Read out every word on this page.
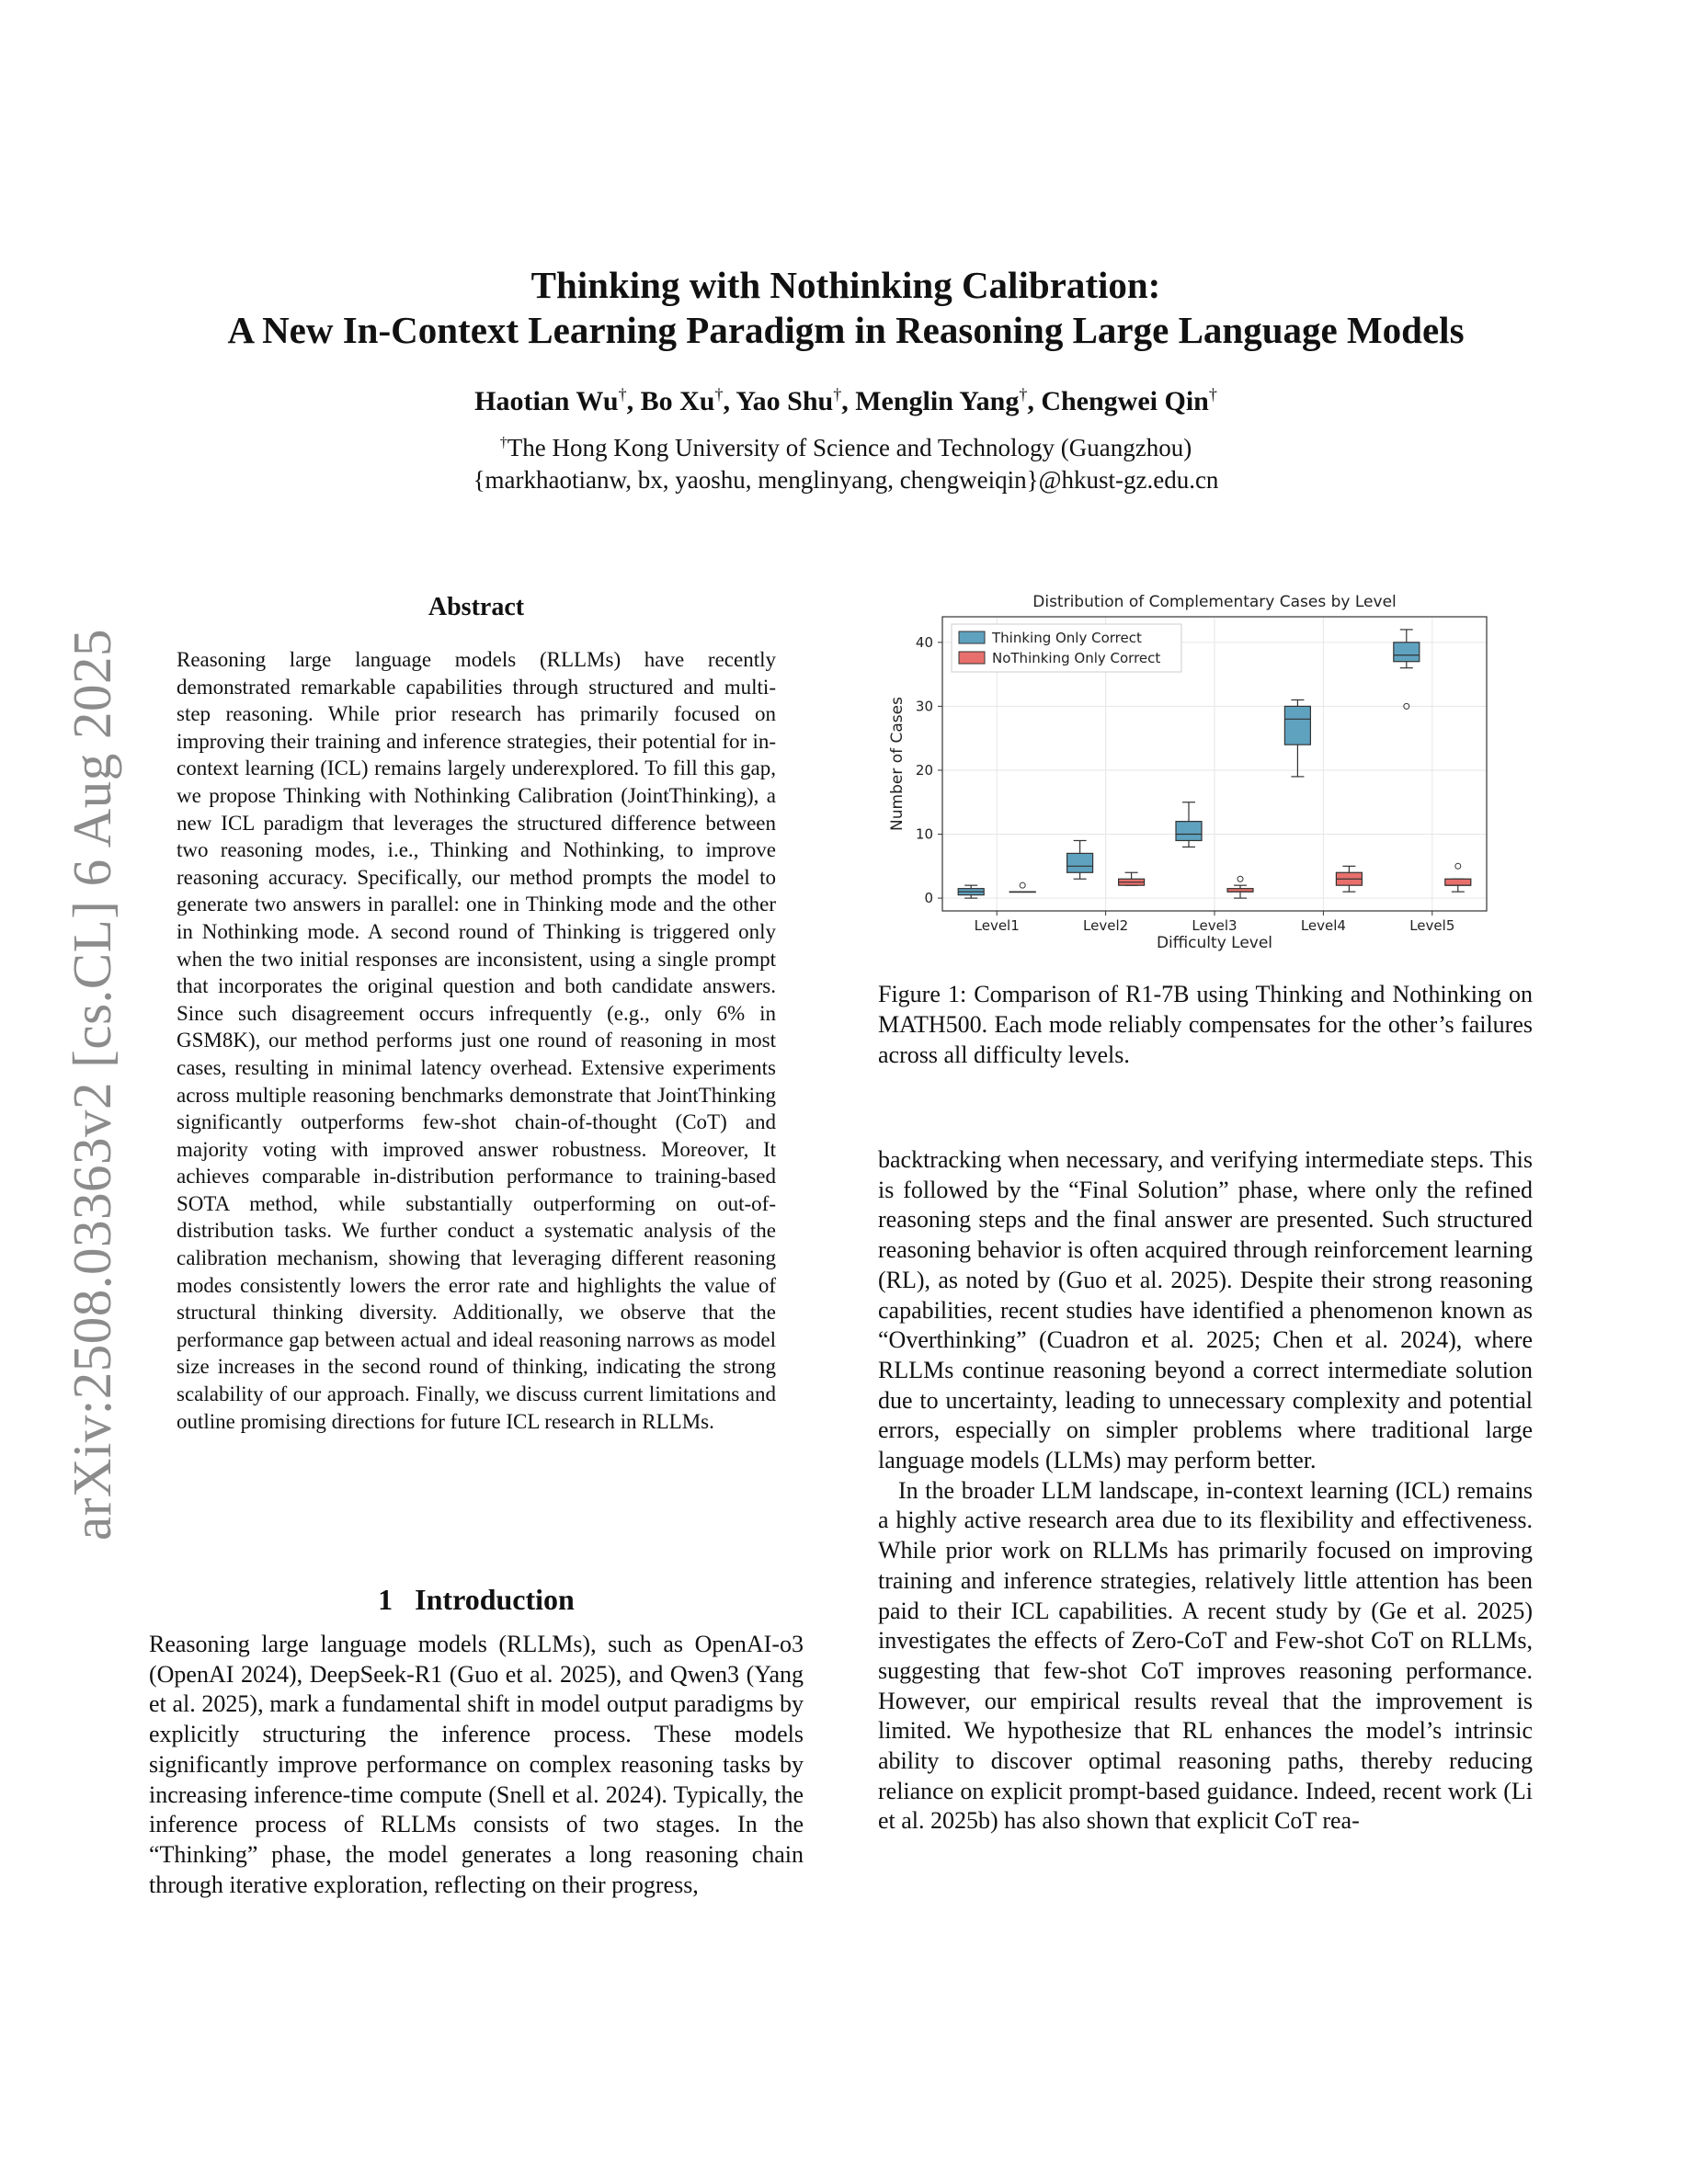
arXiv:2508.03363v2 [cs.CL] 6 Aug 2025
Thinking with Nothinking Calibration:
A New In-Context Learning Paradigm in Reasoning Large Language Models
Haotian Wu†, Bo Xu†, Yao Shu†, Menglin Yang†, Chengwei Qin†
†The Hong Kong University of Science and Technology (Guangzhou)
{markhaotianw, bx, yaoshu, menglinyang, chengweiqin}@hkust-gz.edu.cn
Abstract

Reasoning large language models (RLLMs) have recently demonstrated remarkable capabilities through structured and multi-step reasoning. While prior research has primarily focused on improving their training and inference strategies, their potential for in-context learning (ICL) remains largely underexplored. To fill this gap, we propose Thinking with Nothinking Calibration (JointThinking), a new ICL paradigm that leverages the structured difference between two reasoning modes, i.e., Thinking and Nothinking, to improve reasoning accuracy. Specifically, our method prompts the model to generate two answers in parallel: one in Thinking mode and the other in Nothinking mode. A second round of Thinking is triggered only when the two initial responses are inconsistent, using a single prompt that incorporates the original question and both candidate answers. Since such disagreement occurs infrequently (e.g., only 6% in GSM8K), our method performs just one round of reasoning in most cases, resulting in minimal latency overhead. Extensive experiments across multiple reasoning benchmarks demonstrate that JointThinking significantly outperforms few-shot chain-of-thought (CoT) and majority voting with improved answer robustness. Moreover, It achieves comparable in-distribution performance to training-based SOTA method, while substantially outperforming on out-of-distribution tasks. We further conduct a systematic analysis of the calibration mechanism, showing that leveraging different reasoning modes consistently lowers the error rate and highlights the value of structural thinking diversity. Additionally, we observe that the performance gap between actual and ideal reasoning narrows as model size increases in the second round of thinking, indicating the strong scalability of our approach. Finally, we discuss current limitations and outline promising directions for future ICL research in RLLMs.

1 Introduction

Reasoning large language models (RLLMs), such as OpenAI-o3 (OpenAI 2024), DeepSeek-R1 (Guo et al. 2025), and Qwen3 (Yang et al. 2025), mark a fundamental shift in model output paradigms by explicitly structuring the inference process. These models significantly improve performance on complex reasoning tasks by increasing inference-time compute (Snell et al. 2024). Typically, the inference process of RLLMs consists of two stages. In the “Thinking” phase, the model generates a long reasoning chain through iterative exploration, reflecting on their progress,

Distribution of Complementary Cases by Level
0
10
20
30
40
Level1	Level2	Level3	Level4	Level5
Difficulty Level
Number of Cases
Thinking Only Correct
NoThinking Only Correct
Figure 1: Comparison of R1-7B using Thinking and Nothinking on MATH500. Each mode reliably compensates for the other’s failures across all difficulty levels.

backtracking when necessary, and verifying intermediate steps. This is followed by the “Final Solution” phase, where only the refined reasoning steps and the final answer are presented. Such structured reasoning behavior is often acquired through reinforcement learning (RL), as noted by (Guo et al. 2025). Despite their strong reasoning capabilities, recent studies have identified a phenomenon known as “Overthinking” (Cuadron et al. 2025; Chen et al. 2024), where RLLMs continue reasoning beyond a correct intermediate solution due to uncertainty, leading to unnecessary complexity and potential errors, especially on simpler problems where traditional large language models (LLMs) may perform better.

In the broader LLM landscape, in-context learning (ICL) remains a highly active research area due to its flexibility and effectiveness. While prior work on RLLMs has primarily focused on improving training and inference strategies, relatively little attention has been paid to their ICL capabilities. A recent study by (Ge et al. 2025) investigates the effects of Zero-CoT and Few-shot CoT on RLLMs, suggesting that few-shot CoT improves reasoning performance. However, our empirical results reveal that the improvement is limited. We hypothesize that RL enhances the model’s intrinsic ability to discover optimal reasoning paths, thereby reducing reliance on explicit prompt-based guidance. Indeed, recent work (Li et al. 2025b) has also shown that explicit CoT rea-
